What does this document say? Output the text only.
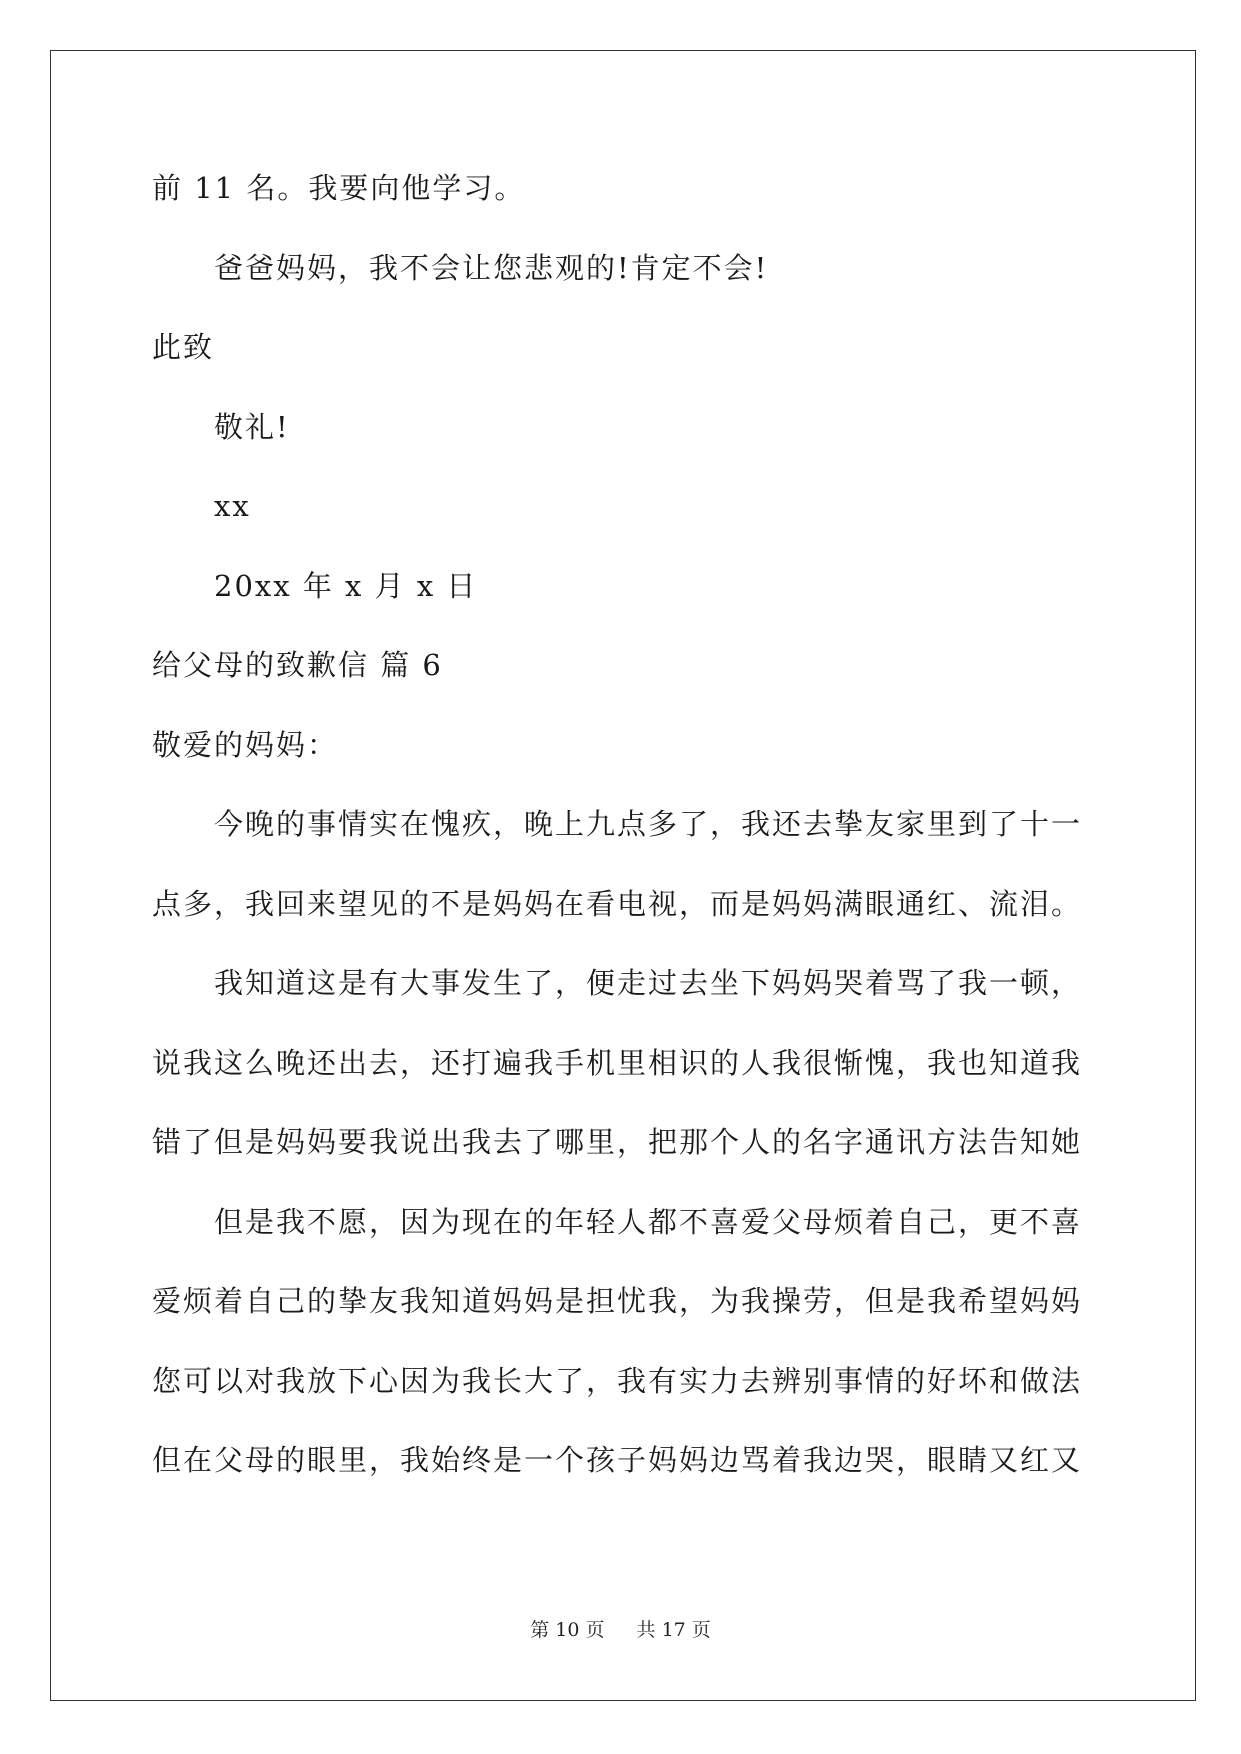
前 11 名。我要向他学习。
爸爸妈妈，我不会让您悲观的!肯定不会!
此致
敬礼!
xx
20xx 年 x 月 x 日
给父母的致歉信 篇 6
敬爱的妈妈：
今晚的事情实在愧疚，晚上九点多了，我还去挚友家里到了十一
点多，我回来望见的不是妈妈在看电视，而是妈妈满眼通红、流泪。
我知道这是有大事发生了，便走过去坐下妈妈哭着骂了我一顿，
说我这么晚还出去，还打遍我手机里相识的人我很惭愧，我也知道我
错了但是妈妈要我说出我去了哪里，把那个人的名字通讯方法告知她
但是我不愿，因为现在的年轻人都不喜爱父母烦着自己，更不喜
爱烦着自己的挚友我知道妈妈是担忧我，为我操劳，但是我希望妈妈
您可以对我放下心因为我长大了，我有实力去辨别事情的好坏和做法
但在父母的眼里，我始终是一个孩子妈妈边骂着我边哭，眼睛又红又
第 10 页 共 17 页
